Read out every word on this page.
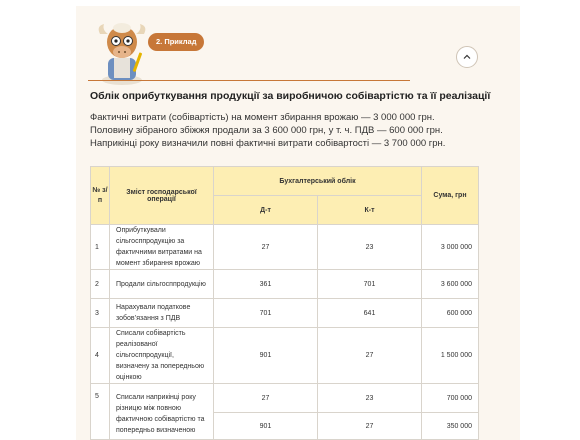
2. Приклад
Облік оприбуткування продукції за виробничою собівартістю та її реалізації
Фактичні витрати (собівартість) на момент збирання врожаю — 3 000 000 грн.
Половину зібраного збіжжя продали за 3 600 000 грн, у т. ч. ПДВ — 600 000 грн.
Наприкінці року визначили повні фактичні витрати собівартості — 3 700 000 грн.
№ з/п	Зміст господарської операції	Бухгалтерський облік		Сума, грн
		Д-т	К-т	
1	Оприбуткували сільгосппродукцію за фактичними витратами на момент збирання врожаю	27	23	3 000 000
2	Продали сільгосппродукцію	361	701	3 600 000
3	Нарахували податкове зобов’язання з ПДВ	701	641	600 000
4	Списали собівартість реалізованої сільгосппродукції, визначену за попередньою оцінкою	901	27	1 500 000
5	Списали наприкінці року різницю між повною фактичною собівартістю та попередньо визначеною	27	23	700 000
		901	27	350 000
